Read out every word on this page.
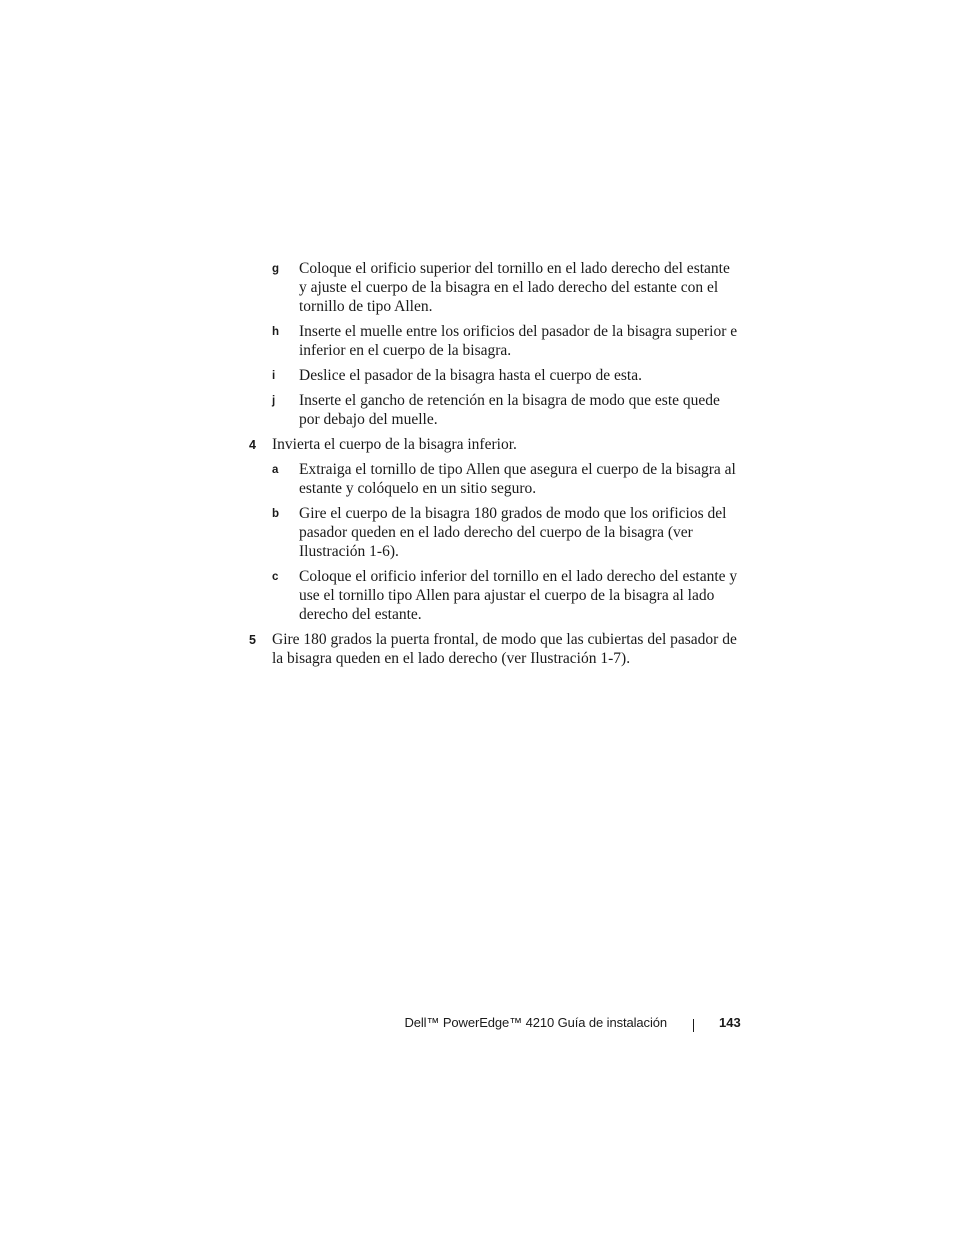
g Coloque el orificio superior del tornillo en el lado derecho del estante y ajuste el cuerpo de la bisagra en el lado derecho del estante con el tornillo de tipo Allen.
h Inserte el muelle entre los orificios del pasador de la bisagra superior e inferior en el cuerpo de la bisagra.
i Deslice el pasador de la bisagra hasta el cuerpo de esta.
j Inserte el gancho de retención en la bisagra de modo que este quede por debajo del muelle.
4 Invierta el cuerpo de la bisagra inferior.
a Extraiga el tornillo de tipo Allen que asegura el cuerpo de la bisagra al estante y colóquelo en un sitio seguro.
b Gire el cuerpo de la bisagra 180 grados de modo que los orificios del pasador queden en el lado derecho del cuerpo de la bisagra (ver Ilustración 1-6).
c Coloque el orificio inferior del tornillo en el lado derecho del estante y use el tornillo tipo Allen para ajustar el cuerpo de la bisagra al lado derecho del estante.
5 Gire 180 grados la puerta frontal, de modo que las cubiertas del pasador de la bisagra queden en el lado derecho (ver Ilustración 1-7).
Dell™ PowerEdge™ 4210 Guía de instalación	143
